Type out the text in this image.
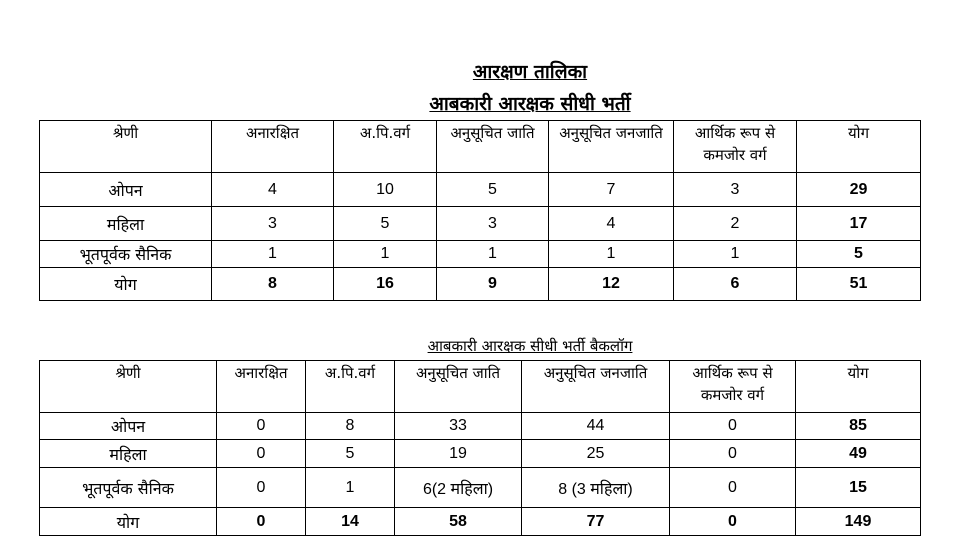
आरक्षण तालिका
आबकारी आरक्षक सीधी भर्ती
श्रेणी	अनारक्षित	अ.पि.वर्ग	अनुसूचित जाति	अनुसूचित जनजाति	आर्थिक रूप से कमजोर वर्ग	योग
ओपन	4	10	5	7	3	29
महिला	3	5	3	4	2	17
भूतपूर्वक सैनिक	1	1	1	1	1	5
योग	8	16	9	12	6	51
आबकारी आरक्षक सीधी भर्ती बैकलॉग
श्रेणी	अनारक्षित	अ.पि.वर्ग	अनुसूचित जाति	अनुसूचित जनजाति	आर्थिक रूप से कमजोर वर्ग	योग
ओपन	0	8	33	44	0	85
महिला	0	5	19	25	0	49
भूतपूर्वक सैनिक	0	1	6(2 महिला)	8 (3 महिला)	0	15
योग	0	14	58	77	0	149
